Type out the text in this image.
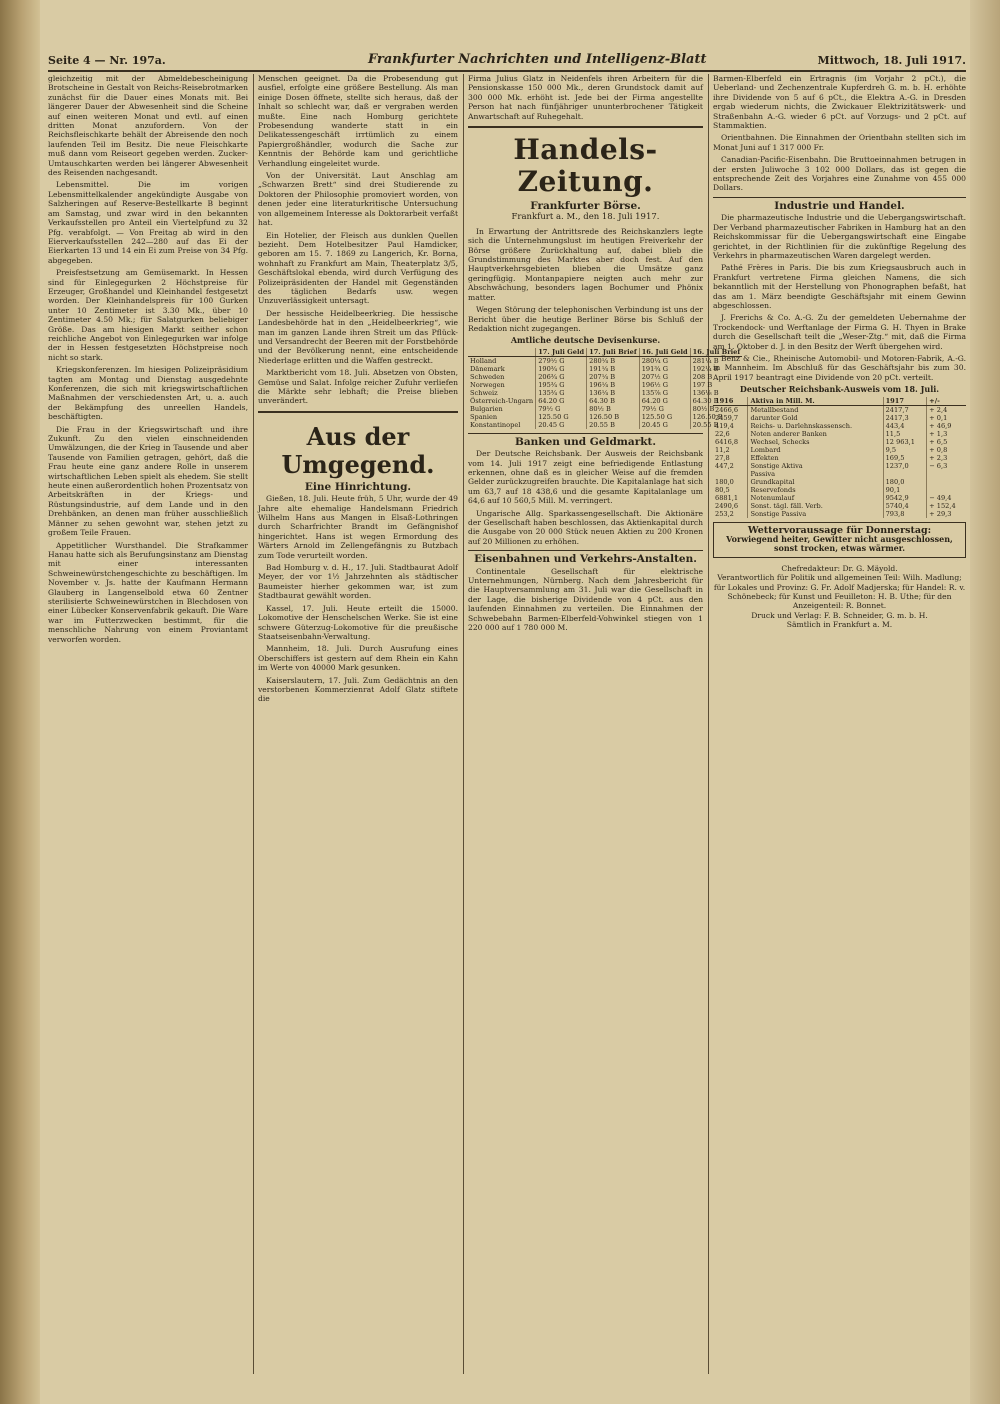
Seite 4 — Nr. 197a.	Frankfurter Nachrichten und Intelligenz-Blatt	Mittwoch, 18. Juli 1917.

gleichzeitig mit der Abmeldebescheinigung Brotscheine in Gestalt von Reichs-Reisebrotmarken zunächst für die Dauer eines Monats mit. Bei längerer Dauer der Abwesenheit sind die Scheine auf einen weiteren Monat und evtl. auf einen dritten Monat anzufordern. Von der Reichsfleischkarte behält der Abreisende den noch laufenden Teil im Besitz. Die neue Fleischkarte muß dann vom Reiseort gegeben werden. Zucker-Umtauschkarten werden bei längerer Abwesenheit des Reisenden nachgesandt.

Lebensmittel. Die im vorigen Lebensmittelkalender angekündigte Ausgabe von Salzheringen auf Reserve-Bestellkarte B beginnt am Samstag, und zwar wird in den bekannten Verkaufsstellen pro Anteil ein Viertelpfund zu 32 Pfg. verabfolgt. — Von Freitag ab wird in den Eierverkaufsstellen 242—280 auf das Ei der Eierkarten 13 und 14 ein Ei zum Preise von 34 Pfg. abgegeben.

Preisfestsetzung am Gemüsemarkt. In Hessen sind für Einlegegurken 2 Höchstpreise für Erzeuger, Großhandel und Kleinhandel festgesetzt worden. Der Kleinhandelspreis für 100 Gurken unter 10 Zentimeter ist 3.30 Mk., über 10 Zentimeter 4.50 Mk.; für Salatgurken beliebiger Größe. Das am hiesigen Markt seither schon reichliche Angebot von Einlegegurken war infolge der in Hessen festgesetzten Höchstpreise noch nicht so stark.

Kriegskonferenzen. Im hiesigen Polizeipräsidium tagten am Montag und Dienstag ausgedehnte Konferenzen, die sich mit kriegswirtschaftlichen Maßnahmen der verschiedensten Art, u. a. auch der Bekämpfung des unreellen Handels, beschäftigten.

Die Frau in der Kriegswirtschaft und ihre Zukunft. Zu den vielen einschneidenden Umwälzungen, die der Krieg in Tausende und aber Tausende von Familien getragen, gehört, daß die Frau heute eine ganz andere Rolle in unserem wirtschaftlichen Leben spielt als ehedem. Sie stellt heute einen außerordentlich hohen Prozentsatz von Arbeitskräften in der Kriegs- und Rüstungsindustrie, auf dem Lande und in den Drehbänken, an denen man früher ausschließlich Männer zu sehen gewohnt war, stehen jetzt zu großem Teile Frauen.

Appetitlicher Wursthandel. Die Strafkammer Hanau hatte sich als Berufungsinstanz am Dienstag mit einer interessanten Schweinewürstchengeschichte zu beschäftigen. Im November v. Js. hatte der Kaufmann Hermann Glauberg in Langenselbold etwa 60 Zentner sterilisierte Schweinewürstchen in Blechdosen von einer Lübecker Konservenfabrik gekauft. Die Ware war im Futterzwecken bestimmt, für die menschliche Nahrung von einem Proviantamt verworfen worden.

Menschen geeignet. Da die Probesendung gut ausfiel, erfolgte eine größere Bestellung. Als man einige Dosen öffnete, stellte sich heraus, daß der Inhalt so schlecht war, daß er vergraben werden mußte. Eine nach Homburg gerichtete Probesendung wanderte statt in ein Delikatessengeschäft irrtümlich zu einem Papiergroßhändler, wodurch die Sache zur Kenntnis der Behörde kam und gerichtliche Verhandlung eingeleitet wurde.

Von der Universität. Laut Anschlag am „Schwarzen Brett“ sind drei Studierende zu Doktoren der Philosophie promoviert worden, von denen jeder eine literaturkritische Untersuchung von allgemeinem Interesse als Doktorarbeit verfaßt hat.

Ein Hotelier, der Fleisch aus dunklen Quellen bezieht. Dem Hotelbesitzer Paul Hamdicker, geboren am 15. 7. 1869 zu Langerich, Kr. Borna, wohnhaft zu Frankfurt am Main, Theaterplatz 3/5, Geschäftslokal ebenda, wird durch Verfügung des Polizeipräsidenten der Handel mit Gegenständen des täglichen Bedarfs usw. wegen Unzuverlässigkeit untersagt.

Der hessische Heidelbeerkrieg. Die hessische Landesbehörde hat in den „Heidelbeerkrieg“, wie man im ganzen Lande ihren Streit um das Pflück- und Versandrecht der Beeren mit der Forstbehörde und der Bevölkerung nennt, eine entscheidende Niederlage erlitten und die Waffen gestreckt.

Marktbericht vom 18. Juli. Absetzen von Obsten, Gemüse und Salat. Infolge reicher Zufuhr verliefen die Märkte sehr lebhaft; die Preise blieben unverändert.

Aus der Umgegend.
Eine Hinrichtung.

Gießen, 18. Juli. Heute früh, 5 Uhr, wurde der 49 Jahre alte ehemalige Handelsmann Friedrich Wilhelm Hans aus Mangen in Elsaß-Lothringen durch Scharfrichter Brandt im Gefängnishof hingerichtet. Hans ist wegen Ermordung des Wärters Arnold im Zellengefängnis zu Butzbach zum Tode verurteilt worden.

Bad Homburg v. d. H., 17. Juli. Stadtbaurat Adolf Meyer, der vor 1½ Jahrzehnten als städtischer Baumeister hierher gekommen war, ist zum Stadtbaurat gewählt worden.

Kassel, 17. Juli. Heute erteilt die 15000. Lokomotive der Henschelschen Werke. Sie ist eine schwere Güterzug-Lokomotive für die preußische Staatseisenbahn-Verwaltung.

Mannheim, 18. Juli. Durch Ausrufung eines Oberschiffers ist gestern auf dem Rhein ein Kahn im Werte von 40000 Mark gesunken.

Kaiserslautern, 17. Juli. Zum Gedächtnis an den verstorbenen Kommerzienrat Adolf Glatz stiftete die

Firma Julius Glatz in Neidenfels ihren Arbeitern für die Pensionskasse 150 000 Mk., deren Grundstock damit auf 300 000 Mk. erhöht ist. Jede bei der Firma angestellte Person hat nach fünfjähriger ununterbrochener Tätigkeit Anwartschaft auf Ruhegehalt.

Handels-Zeitung.
Frankfurter Börse.
Frankfurt a. M., den 18. Juli 1917.

In Erwartung der Antrittsrede des Reichskanzlers legte sich die Unternehmungslust im heutigen Freiverkehr der Börse größere Zurückhaltung auf, dabei blieb die Grundstimmung des Marktes aber doch fest. Auf den Hauptverkehrsgebieten blieben die Umsätze ganz geringfügig. Montanpapiere neigten auch mehr zur Abschwächung, besonders lagen Bochumer und Phönix matter.

Wegen Störung der telephonischen Verbindung ist uns der Bericht über die heutige Berliner Börse bis Schluß der Redaktion nicht zugegangen.

Amtliche deutsche Devisenkurse.
	17. Juli Geld	17. Juli Brief	16. Juli Geld	16. Juli Brief
Holland	279½ G	280¼ B	280¼ G	281¼ B
Dänemark	190¾ G	191¼ B	191¾ G	192¼ B
Schweden	206¾ G	207¼ B	207½ G	208 B
Norwegen	195¾ G	196¼ B	196½ G	197 B
Schweiz	135¾ G	136¼ B	135⅞ G	136⅛ B
Österreich-Ungarn	64.20 G	64.30 B	64.20 G	64.30 B
Bulgarien	79½ G	80½ B	79½ G	80½ B
Spanien	125.50 G	126.50 B	125.50 G	126.50 B
Konstantinopel	20.45 G	20.55 B	20.45 G	20.55 B
Banken und Geldmarkt.

Der Deutsche Reichsbank. Der Ausweis der Reichsbank vom 14. Juli 1917 zeigt eine befriedigende Entlastung erkennen, ohne daß es in gleicher Weise auf die fremden Gelder zurückzugreifen brauchte. Die Kapitalanlage hat sich um 63,7 auf 18 438,6 und die gesamte Kapitalanlage um 64,6 auf 10 560,5 Mill. M. verringert.

Ungarische Allg. Sparkassengesellschaft. Die Aktionäre der Gesellschaft haben beschlossen, das Aktienkapital durch die Ausgabe von 20 000 Stück neuen Aktien zu 200 Kronen auf 20 Millionen zu erhöhen.

Eisenbahnen und Verkehrs-Anstalten.

Continentale Gesellschaft für elektrische Unternehmungen, Nürnberg. Nach dem Jahresbericht für die Hauptversammlung am 31. Juli war die Gesellschaft in der Lage, die bisherige Dividende von 4 pCt. aus den laufenden Einnahmen zu verteilen. Die Einnahmen der Schwebebahn Barmen-Elberfeld-Vohwinkel stiegen von 1 220 000 auf 1 780 000 M.

Barmen-Elberfeld ein Ertragnis (im Vorjahr 2 pCt.), die Ueberland- und Zechenzentrale Kupferdreh G. m. b. H. erhöhte ihre Dividende von 5 auf 6 pCt., die Elektra A.-G. in Dresden ergab wiederum nichts, die Zwickauer Elektrizitätswerk- und Straßenbahn A.-G. wieder 6 pCt. auf Vorzugs- und 2 pCt. auf Stammaktien.

Orientbahnen. Die Einnahmen der Orientbahn stellten sich im Monat Juni auf 1 317 000 Fr.

Canadian-Pacific-Eisenbahn. Die Bruttoeinnahmen betrugen in der ersten Juliwoche 3 102 000 Dollars, das ist gegen die entsprechende Zeit des Vorjahres eine Zunahme von 455 000 Dollars.

Industrie und Handel.

Die pharmazeutische Industrie und die Uebergangswirtschaft. Der Verband pharmazeutischer Fabriken in Hamburg hat an den Reichskommissar für die Uebergangswirtschaft eine Eingabe gerichtet, in der Richtlinien für die zukünftige Regelung des Verkehrs in pharmazeutischen Waren dargelegt werden.

Pathé Frères in Paris. Die bis zum Kriegsausbruch auch in Frankfurt vertretene Firma gleichen Namens, die sich bekanntlich mit der Herstellung von Phonographen befaßt, hat das am 1. März beendigte Geschäftsjahr mit einem Gewinn abgeschlossen.

J. Frerichs & Co. A.-G. Zu der gemeldeten Uebernahme der Trockendock- und Werftanlage der Firma G. H. Thyen in Brake durch die Gesellschaft teilt die „Weser-Ztg.“ mit, daß die Firma am 1. Oktober d. J. in den Besitz der Werft übergehen wird.

Benz & Cie., Rheinische Automobil- und Motoren-Fabrik, A.-G. in Mannheim. Im Abschluß für das Geschäftsjahr bis zum 30. April 1917 beantragt eine Dividende von 20 pCt. verteilt.

Deutscher Reichsbank-Ausweis vom 18. Juli.
1916	Aktiva in Mill. M.	1917	+/-
2466,6	Metallbestand	2417,7	+ 2,4
2459,7	darunter Gold	2417,3	+ 0,1
419,4	Reichs- u. Darlehnskassensch.	443,4	+ 46,9
22,6	Noten anderer Banken	11,5	+ 1,3
6416,8	Wechsel, Schecks	12 963,1	+ 6,5
11,2	Lombard	9,5	+ 0,8
27,8	Effekten	169,5	+ 2,3
447,2	Sonstige Aktiva	1237,0	− 6,3
	Passiva		
180,0	Grundkapital	180,0	
80,5	Reservefonds	90,1	
6881,1	Notenumlauf	9542,9	− 49,4
2490,6	Sonst. tägl. fäll. Verb.	5740,4	+ 152,4
253,2	Sonstige Passiva	793,8	+ 29,3
Wettervoraussage für Donnerstag:
Vorwiegend heiter, Gewitter nicht ausgeschlossen, sonst trocken, etwas wärmer.
Chefredakteur: Dr. G. Mäyold.
Verantwortlich für Politik und allgemeinen Teil: Wilh. Madlung; für Lokales und Provinz: G. Fr. Adolf Madjerska; für Handel: R. v. Schönebeck; für Kunst und Feuilleton: H. B. Uthe; für den Anzeigenteil: R. Bonnet.
Druck und Verlag: F. B. Schneider, G. m. b. H.
Sämtlich in Frankfurt a. M.
